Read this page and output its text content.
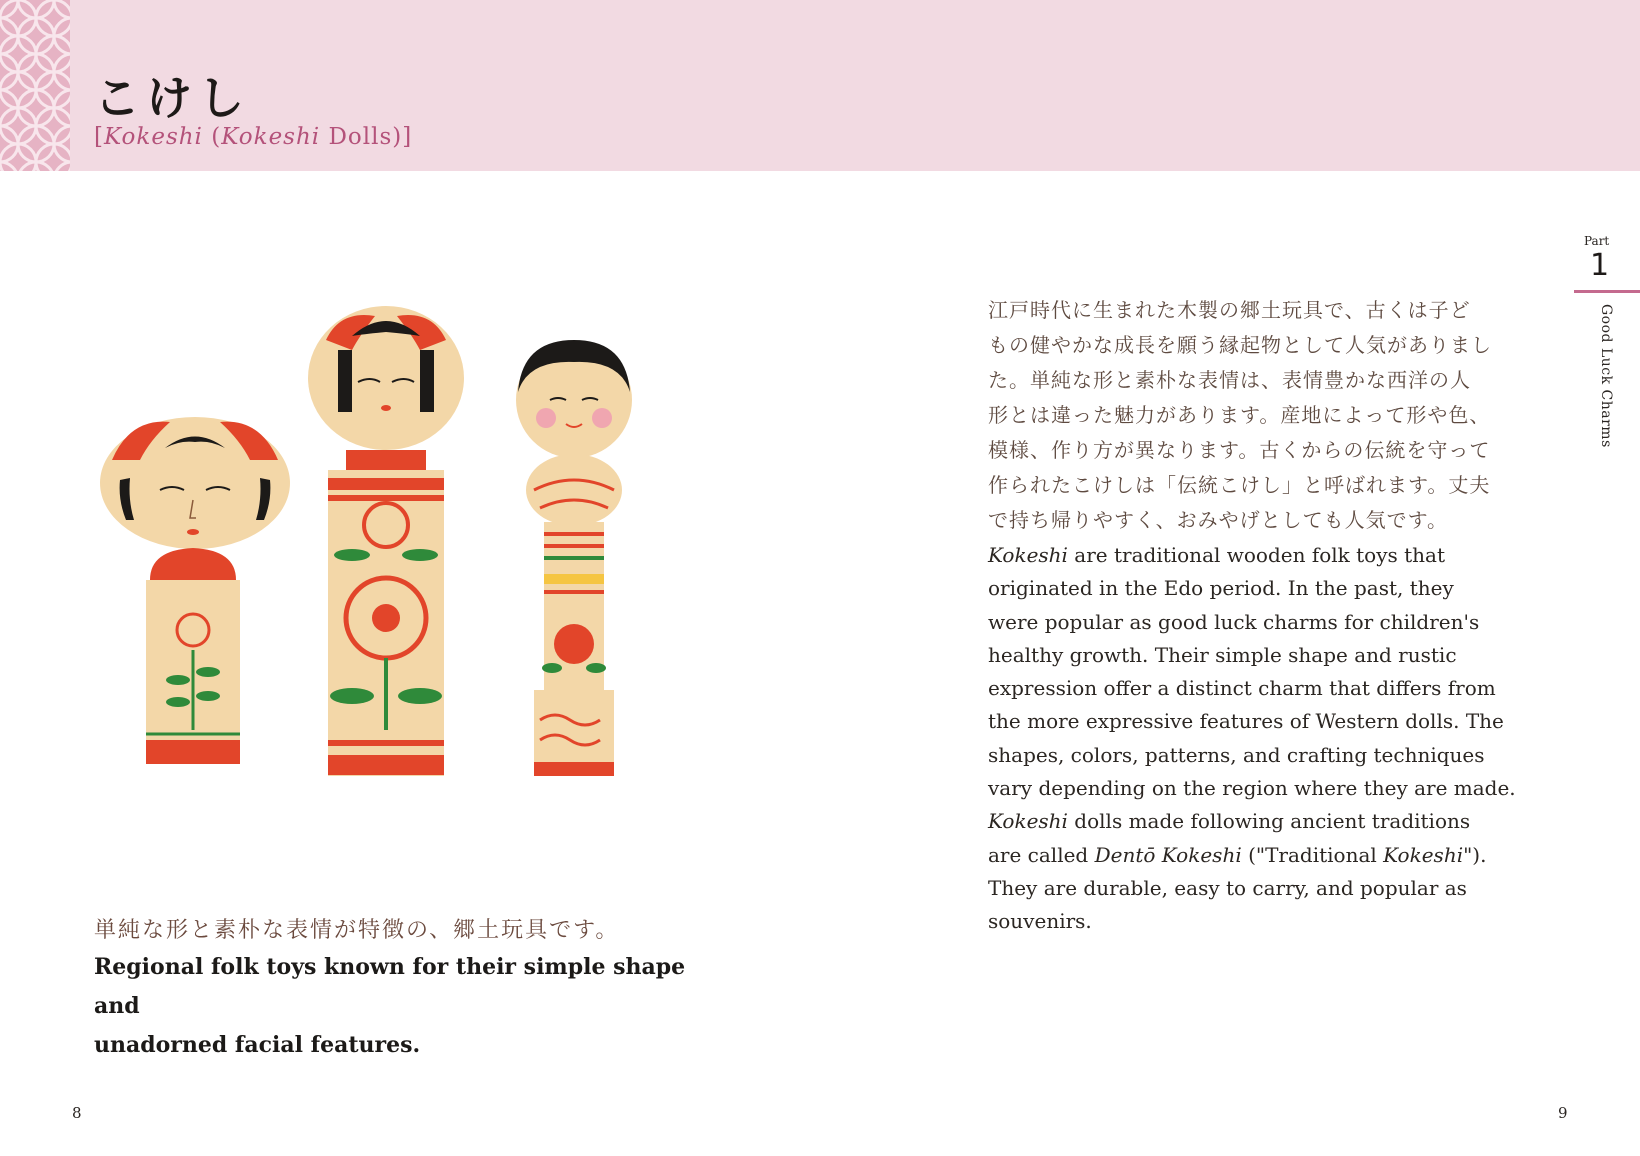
こけし
[Kokeshi (Kokeshi Dolls)]
単純な形と素朴な表情が特徴の、郷土玩具です。
Regional folk toys known for their simple shape and
unadorned facial features.
江戸時代に生まれた木製の郷土玩具で、古くは子ど
もの健やかな成長を願う縁起物として人気がありまし
た。単純な形と素朴な表情は、表情豊かな西洋の人
形とは違った魅力があります。産地によって形や色、
模様、作り方が異なります。古くからの伝統を守って
作られたこけしは「伝統こけし」と呼ばれます。丈夫
で持ち帰りやすく、おみやげとしても人気です。
Kokeshi are traditional wooden folk toys that
originated in the Edo period. In the past, they
were popular as good luck charms for children's
healthy growth. Their simple shape and rustic
expression offer a distinct charm that differs from
the more expressive features of Western dolls. The
shapes, colors, patterns, and crafting techniques
vary depending on the region where they are made.
Kokeshi dolls made following ancient traditions
are called Dentō Kokeshi ("Traditional Kokeshi").
They are durable, easy to carry, and popular as
souvenirs.
Part
1
Good Luck Charms
8	9
